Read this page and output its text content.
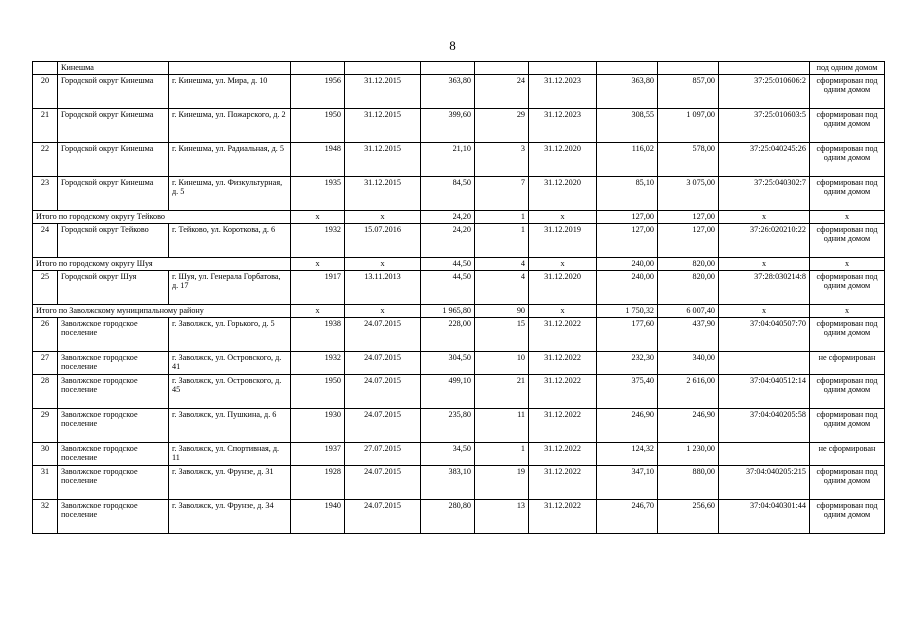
8
	Кинешма										под одним домом
20	Городской округ Кинешма	г. Кинешма, ул. Мира, д. 10	1956	31.12.2015	363,80	24	31.12.2023	363,80	857,00	37:25:010606:2	сформирован под одним домом
21	Городской округ Кинешма	г. Кинешма, ул. Пожарского, д. 2	1950	31.12.2015	399,60	29	31.12.2023	308,55	1 097,00	37:25:010603:5	сформирован под одним домом
22	Городской округ Кинешма	г. Кинешма, ул. Радиальная, д. 5	1948	31.12.2015	21,10	3	31.12.2020	116,02	578,00	37:25:040245:26	сформирован под одним домом
23	Городской округ Кинешма	г. Кинешма, ул. Физкультурная, д. 5	1935	31.12.2015	84,50	7	31.12.2020	85,10	3 075,00	37:25:040302:7	сформирован под одним домом
Итого по городскому округу Тейково			x	x	24,20	1	x	127,00	127,00	x	x
24	Городской округ Тейково	г. Тейково, ул. Короткова, д. 6	1932	15.07.2016	24,20	1	31.12.2019	127,00	127,00	37:26:020210:22	сформирован под одним домом
Итого по городскому округу Шуя			x	x	44,50	4	x	240,00	820,00	x	x
25	Городской округ Шуя	г. Шуя, ул. Генерала Горбатова, д. 17	1917	13.11.2013	44,50	4	31.12.2020	240,00	820,00	37:28:030214:8	сформирован под одним домом
Итого по Заволжскому муниципальному району			x	x	1 965,80	90	x	1 750,32	6 007,40	x	x
26	Заволжское городское поселение	г. Заволжск, ул. Горького, д. 5	1938	24.07.2015	228,00	15	31.12.2022	177,60	437,90	37:04:040507:70	сформирован под одним домом
27	Заволжское городское поселение	г. Заволжск, ул. Островского, д. 41	1932	24.07.2015	304,50	10	31.12.2022	232,30	340,00		не сформирован
28	Заволжское городское поселение	г. Заволжск, ул. Островского, д. 45	1950	24.07.2015	499,10	21	31.12.2022	375,40	2 616,00	37:04:040512:14	сформирован под одним домом
29	Заволжское городское поселение	г. Заволжск, ул. Пушкина, д. 6	1930	24.07.2015	235,80	11	31.12.2022	246,90	246,90	37:04:040205:58	сформирован под одним домом
30	Заволжское городское поселение	г. Заволжск, ул. Спортивная, д. 11	1937	27.07.2015	34,50	1	31.12.2022	124,32	1 230,00		не сформирован
31	Заволжское городское поселение	г. Заволжск, ул. Фрунзе, д. 31	1928	24.07.2015	383,10	19	31.12.2022	347,10	880,00	37:04:040205:215	сформирован под одним домом
32	Заволжское городское поселение	г. Заволжск, ул. Фрунзе, д. 34	1940	24.07.2015	280,80	13	31.12.2022	246,70	256,60	37:04:040301:44	сформирован под одним домом
